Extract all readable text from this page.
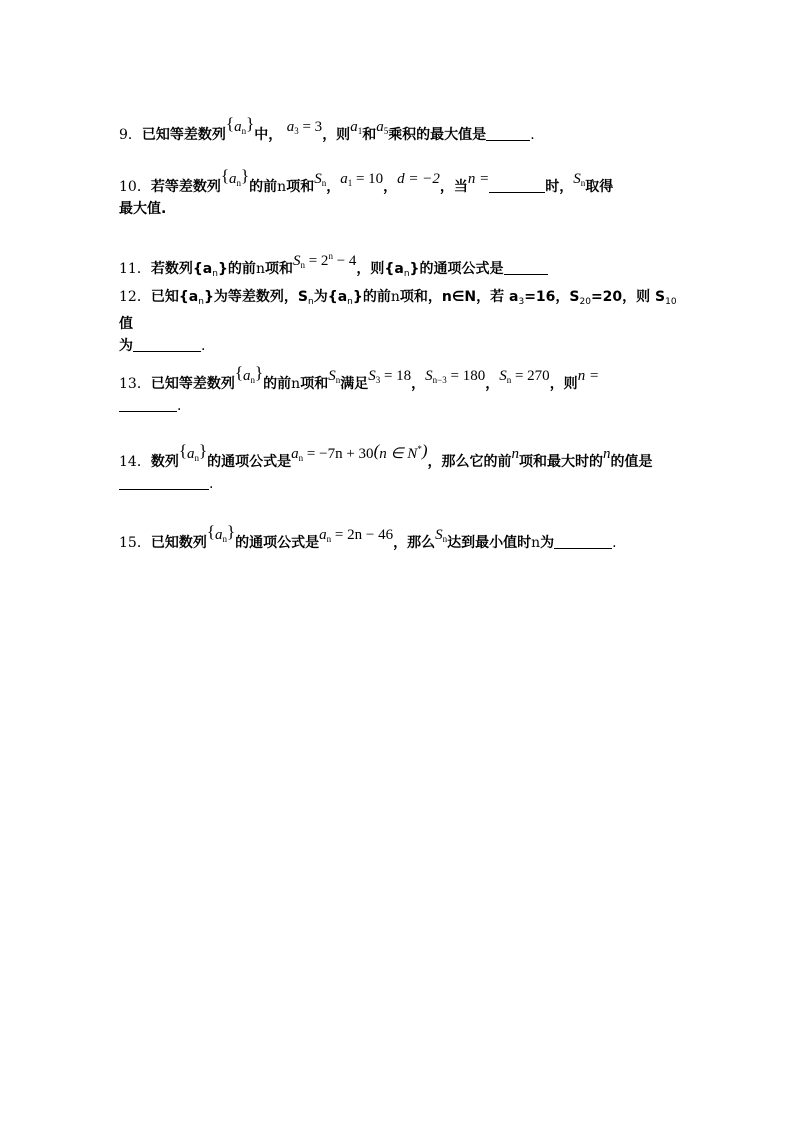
9．已知等差数列$\{a_n\}$中， $a_3 = 3$，则$a_1$和$a_5$乘积的最大值是	.
10．若等差数列$\{a_n\}$的前n项和$S_n$，$a_1 = 10$，d = −2，当n =	时，$S_n$取得
最大值.
11．若数列$\{a_n\}$的前n项和$S_n = 2^n - 4$，则$\{a_n\}$的通项公式是
12．已知$\{a_n\}$为等差数列，$S_n$为$\{a_n\}$的前n项和，n∈N，若 $a_3=16$，$S_{20}=20$，则 $S_{10}$值
为	.
13．已知等差数列$\{a_n\}$的前n项和$S_n$满足$S_3 = 18$，$S_{n-3} = 180$，$S_n = 270$，则n =
.
14．数列$\{a_n\}$的通项公式是$a_n = -7n + 30(n$ ∈ N*)，那么它的前n项和最大时的n的值是
.
15．已知数列$\{a_n\}$的通项公式是$a_n = 2n - 46$，那么$S_n$达到最小值时n为	.
